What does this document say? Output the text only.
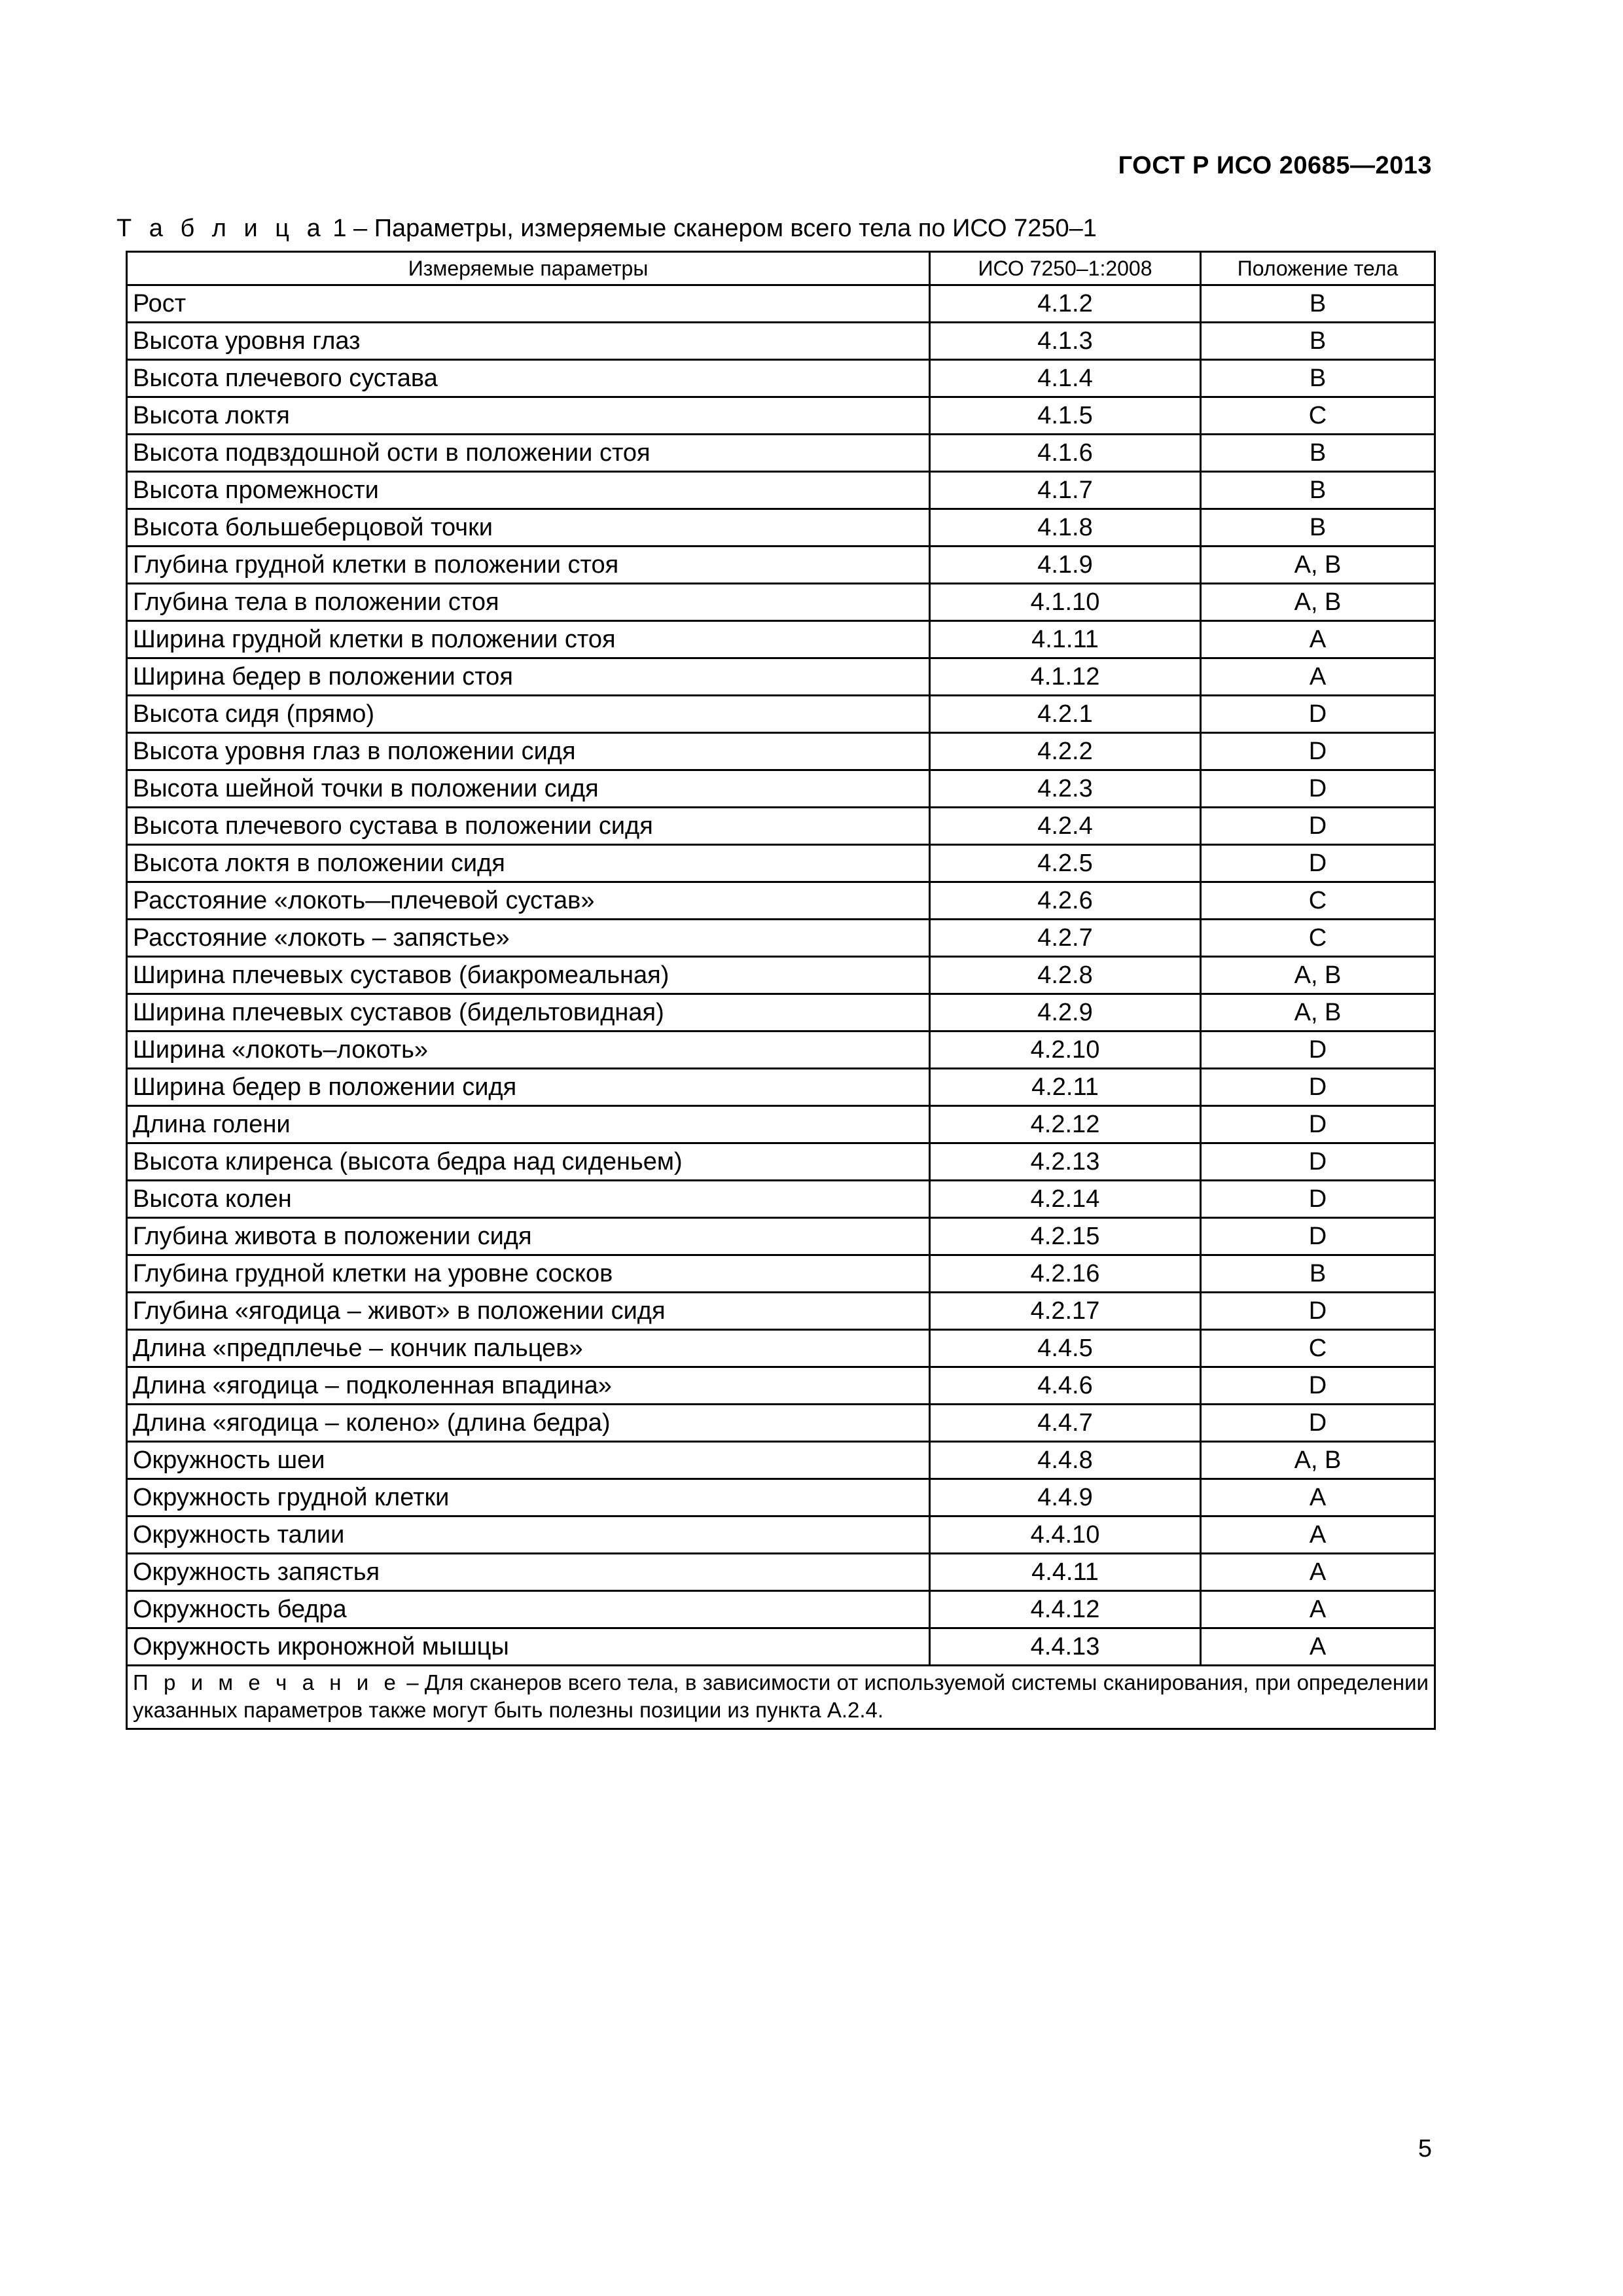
ГОСТ Р ИСО 20685—2013
Т а б л и ц а 1 – Параметры, измеряемые сканером всего тела по ИСО 7250–1
Измеряемые параметры	ИСО 7250–1:2008	Положение тела
Рост	4.1.2	B
Высота уровня глаз	4.1.3	B
Высота плечевого сустава	4.1.4	B
Высота локтя	4.1.5	C
Высота подвздошной ости в положении стоя	4.1.6	B
Высота промежности	4.1.7	B
Высота большеберцовой точки	4.1.8	B
Глубина грудной клетки в положении стоя	4.1.9	A, B
Глубина тела в положении стоя	4.1.10	A, B
Ширина грудной клетки в положении стоя	4.1.11	A
Ширина бедер в положении стоя	4.1.12	A
Высота сидя (прямо)	4.2.1	D
Высота уровня глаз в положении сидя	4.2.2	D
Высота шейной точки в положении сидя	4.2.3	D
Высота плечевого сустава в положении сидя	4.2.4	D
Высота локтя в положении сидя	4.2.5	D
Расстояние «локоть—плечевой сустав»	4.2.6	C
Расстояние «локоть – запястье»	4.2.7	C
Ширина плечевых суставов (биакромеальная)	4.2.8	A, B
Ширина плечевых суставов (бидельтовидная)	4.2.9	A, B
Ширина «локоть–локоть»	4.2.10	D
Ширина бедер в положении сидя	4.2.11	D
Длина голени	4.2.12	D
Высота клиренса (высота бедра над сиденьем)	4.2.13	D
Высота колен	4.2.14	D
Глубина живота в положении сидя	4.2.15	D
Глубина грудной клетки на уровне сосков	4.2.16	B
Глубина «ягодица – живот» в положении сидя	4.2.17	D
Длина «предплечье – кончик пальцев»	4.4.5	C
Длина «ягодица – подколенная впадина»	4.4.6	D
Длина «ягодица – колено» (длина бедра)	4.4.7	D
Окружность шеи	4.4.8	A, B
Окружность грудной клетки	4.4.9	A
Окружность талии	4.4.10	A
Окружность запястья	4.4.11	A
Окружность бедра	4.4.12	A
Окружность икроножной мышцы	4.4.13	A
П р и м е ч а н и е – Для сканеров всего тела, в зависимости от используемой системы сканирования, при определении указанных параметров также могут быть полезны позиции из пункта А.2.4.		
5
